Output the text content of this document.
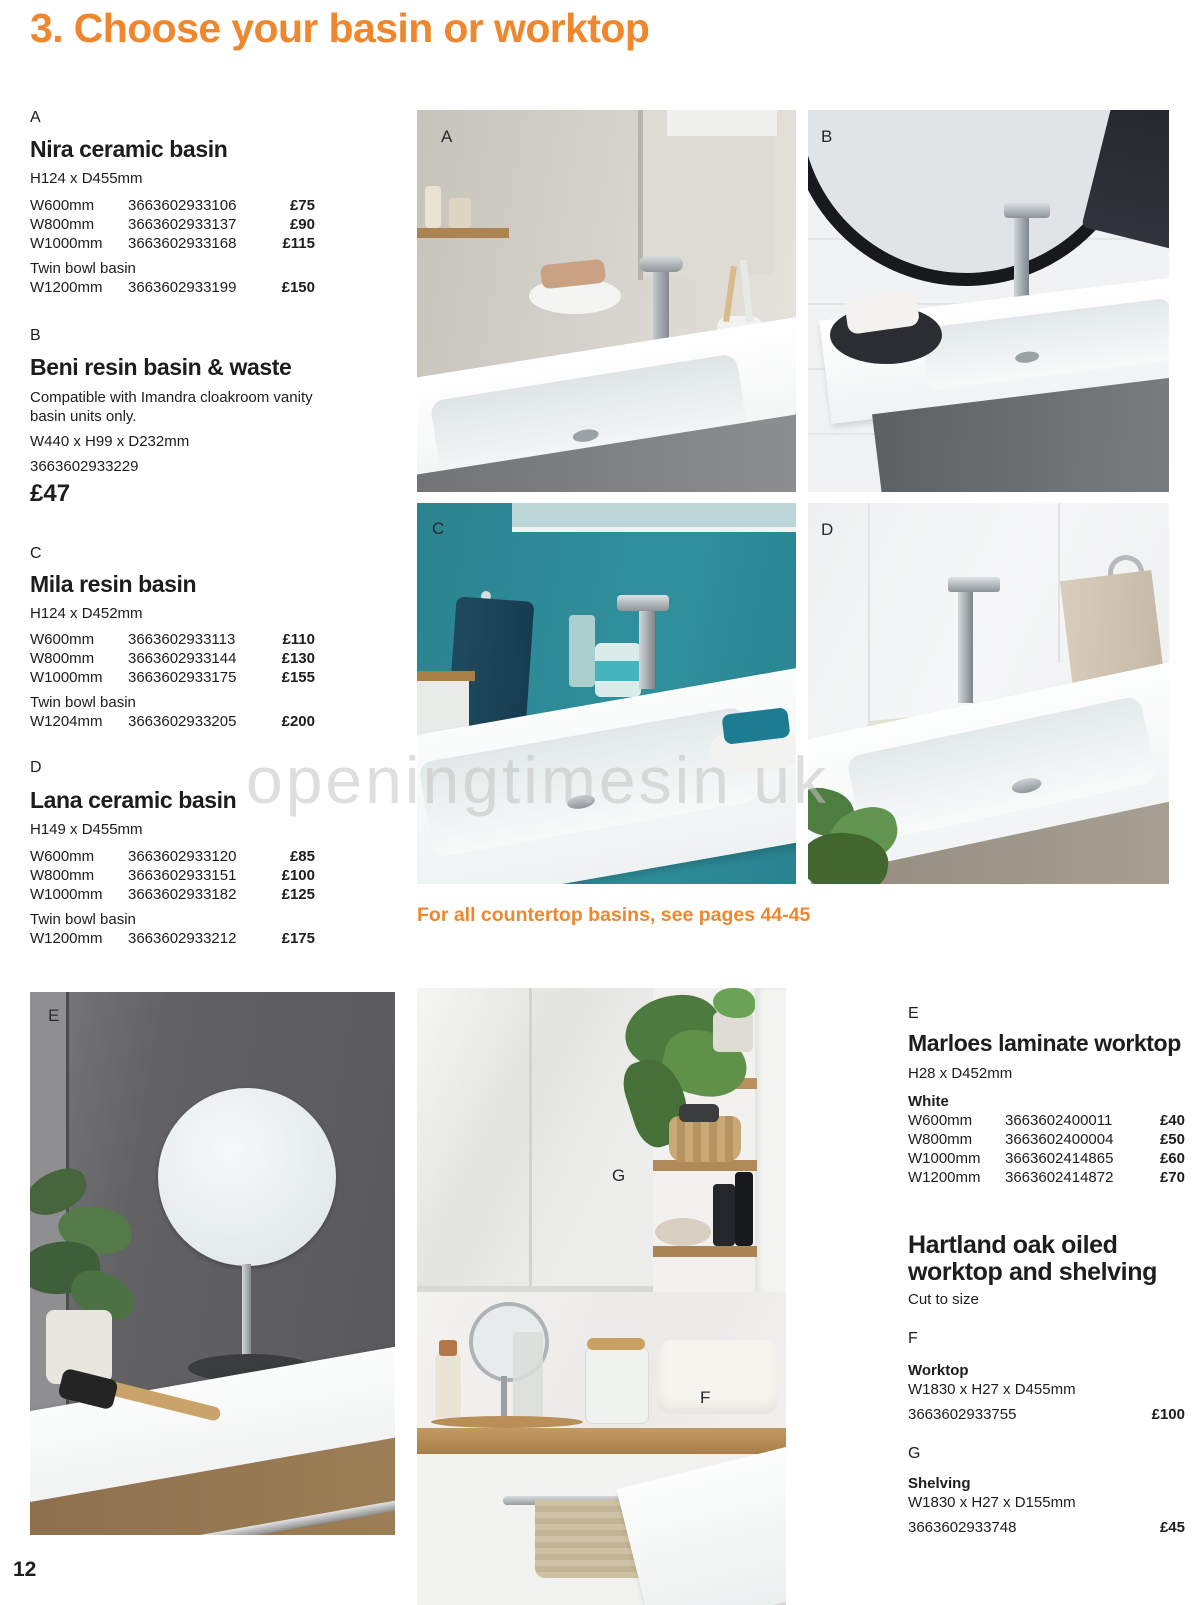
3. Choose your basin or worktop
A
Nira ceramic basin
H124 x D455mm
W600mm	3663602933106	£75
W800mm	3663602933137	£90
W1000mm	3663602933168	£115
Twin bowl basin
W1200mm	3663602933199	£150
B
Beni resin basin & waste
Compatible with Imandra cloakroom vanity basin units only.
W440 x H99 x D232mm
3663602933229
£47
C
Mila resin basin
H124 x D452mm
W600mm	3663602933113	£110
W800mm	3663602933144	£130
W1000mm	3663602933175	£155
Twin bowl basin
W1204mm	3663602933205	£200
D
Lana ceramic basin
H149 x D455mm
W600mm	3663602933120	£85
W800mm	3663602933151	£100
W1000mm	3663602933182	£125
Twin bowl basin
W1200mm	3663602933212	£175
A	B
C	D
For all countertop basins, see pages 44-45
E
G
F
E
Marloes laminate worktop
H28 x D452mm
White
W600mm	3663602400011	£40
W800mm	3663602400004	£50
W1000mm	3663602414865	£60
W1200mm	3663602414872	£70
Hartland oak oiled worktop and shelving
Cut to size
F
Worktop
W1830 x H27 x D455mm
3663602933755	£100
G
Shelving
W1830 x H27 x D155mm
3663602933748	£45
openingtimesin uk
12
